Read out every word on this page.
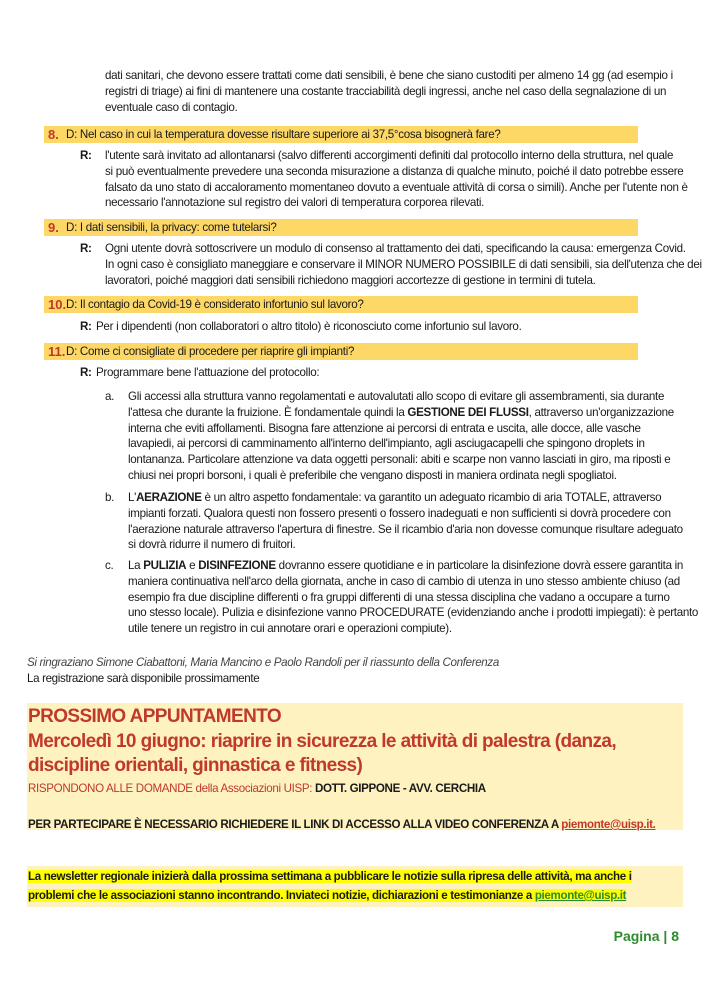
dati sanitari, che devono essere trattati come dati sensibili, è bene che siano custoditi per almeno 14 gg (ad esempio i
registri di triage) ai fini di mantenere una costante tracciabilità degli ingressi, anche nel caso della segnalazione di un
eventuale caso di contagio.
8. D: Nel caso in cui la temperatura dovesse risultare superiore ai 37,5°cosa bisognerà fare?
R: l'utente sarà invitato ad allontanarsi (salvo differenti accorgimenti definiti dal protocollo interno della struttura, nel quale
si può eventualmente prevedere una seconda misurazione a distanza di qualche minuto, poiché il dato potrebbe essere
falsato da uno stato di accaloramento momentaneo dovuto a eventuale attività di corsa o simili). Anche per l'utente non è
necessario l'annotazione sul registro dei valori di temperatura corporea rilevati.
9. D: I dati sensibili, la privacy: come tutelarsi?
R: Ogni utente dovrà sottoscrivere un modulo di consenso al trattamento dei dati, specificando la causa: emergenza Covid.
In ogni caso è consigliato maneggiare e conservare il MINOR NUMERO POSSIBILE di dati sensibili, sia dell'utenza che dei
lavoratori, poiché maggiori dati sensibili richiedono maggiori accortezze di gestione in termini di tutela.
10. D: Il contagio da Covid-19 è considerato infortunio sul lavoro?
R: Per i dipendenti (non collaboratori o altro titolo) è riconosciuto come infortunio sul lavoro.
11. D: Come ci consigliate di procedere per riaprire gli impianti?
R: Programmare bene l'attuazione del protocollo:
a. Gli accessi alla struttura vanno regolamentati e autovalutati allo scopo di evitare gli assembramenti, sia durante
l'attesa che durante la fruizione. È fondamentale quindi la GESTIONE DEI FLUSSI, attraverso un'organizzazione
interna che eviti affollamenti. Bisogna fare attenzione ai percorsi di entrata e uscita, alle docce, alle vasche
lavapiedi, ai percorsi di camminamento all'interno dell'impianto, agli asciugacapelli che spingono droplets in
lontananza. Particolare attenzione va data oggetti personali: abiti e scarpe non vanno lasciati in giro, ma riposti e
chiusi nei propri borsoni, i quali è preferibile che vengano disposti in maniera ordinata negli spogliatoi.
b. L'AERAZIONE è un altro aspetto fondamentale: va garantito un adeguato ricambio di aria TOTALE, attraverso
impianti forzati. Qualora questi non fossero presenti o fossero inadeguati e non sufficienti si dovrà procedere con
l'aerazione naturale attraverso l'apertura di finestre. Se il ricambio d'aria non dovesse comunque risultare adeguato
si dovrà ridurre il numero di fruitori.
c. La PULIZIA e DISINFEZIONE dovranno essere quotidiane e in particolare la disinfezione dovrà essere garantita in
maniera continuativa nell'arco della giornata, anche in caso di cambio di utenza in uno stesso ambiente chiuso (ad
esempio fra due discipline differenti o fra gruppi differenti di una stessa disciplina che vadano a occupare a turno
uno stesso locale). Pulizia e disinfezione vanno PROCEDURATE (evidenziando anche i prodotti impiegati): è pertanto
utile tenere un registro in cui annotare orari e operazioni compiute).
Si ringraziano Simone Ciabattoni, Maria Mancino e Paolo Randoli per il riassunto della Conferenza
La registrazione sarà disponibile prossimamente
PROSSIMO APPUNTAMENTO
Mercoledì 10 giugno: riaprire in sicurezza le attività di palestra (danza,
discipline orientali, ginnastica e fitness)
RISPONDONO ALLE DOMANDE della Associazioni UISP: DOTT. GIPPONE - AVV. CERCHIA
PER PARTECIPARE È NECESSARIO RICHIEDERE IL LINK DI ACCESSO ALLA VIDEO CONFERENZA A piemonte@uisp.it.
La newsletter regionale inizierà dalla prossima settimana a pubblicare le notizie sulla ripresa delle attività, ma anche i
problemi che le associazioni stanno incontrando. Inviateci notizie, dichiarazioni e testimonianze a piemonte@uisp.it
Pagina | 8
